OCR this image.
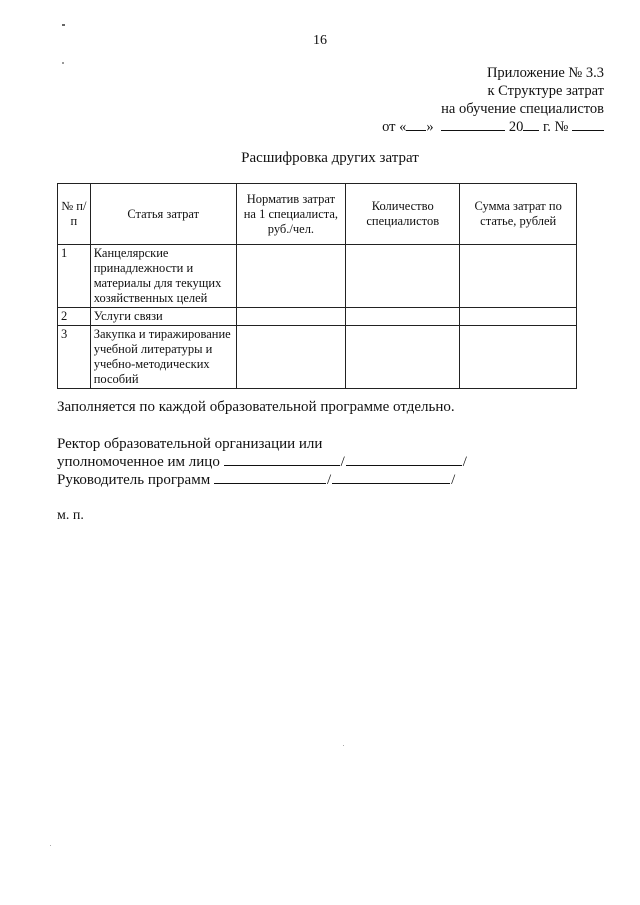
16
Приложение № 3.3
к Структуре затрат
на обучение специалистов
от « »	20 г. №
Расшифровка других затрат
№ п/п	Статья затрат	Норматив затрат на 1 специалиста, руб./чел.	Количество специалистов	Сумма затрат по статье, рублей
1	Канцелярские принадлежности и материалы для текущих хозяйственных целей			
2	Услуги связи			
3	Закупка и тиражирование учебной литературы и учебно-методических пособий			
Заполняется по каждой образовательной программе отдельно.
Ректор образовательной организации или
уполномоченное им лицо	/	/
Руководитель программ	/	/
м. п.
